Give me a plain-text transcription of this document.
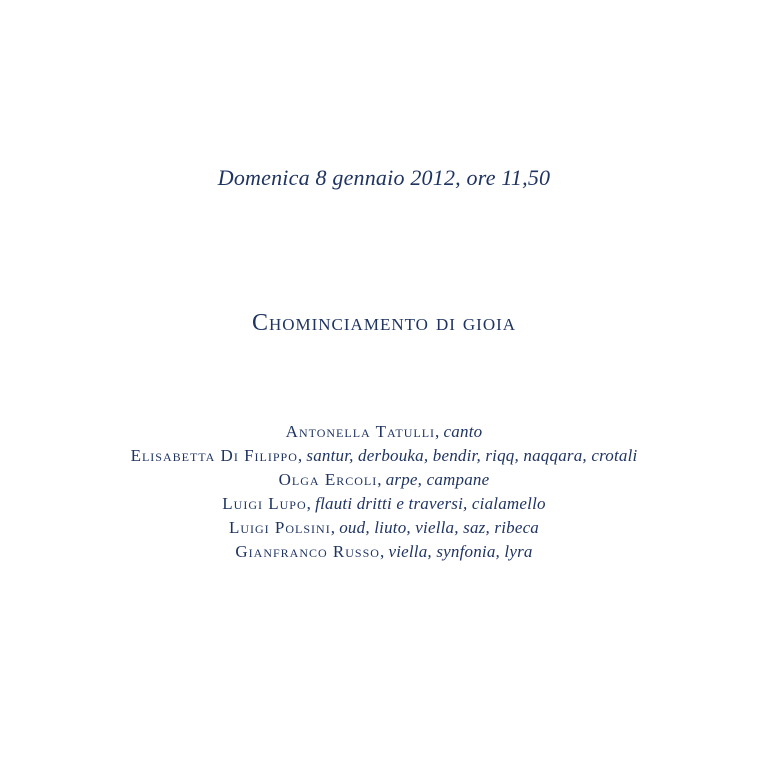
Domenica 8 gennaio 2012, ore 11,50
Chominciamento di gioia
Antonella Tatulli, canto
Elisabetta Di Filippo, santur, derbouka, bendir, riqq, naqqara, crotali
Olga Ercoli, arpe, campane
Luigi Lupo, flauti dritti e traversi, cialamello
Luigi Polsini, oud, liuto, viella, saz, ribeca
Gianfranco Russo, viella, synfonia, lyra
